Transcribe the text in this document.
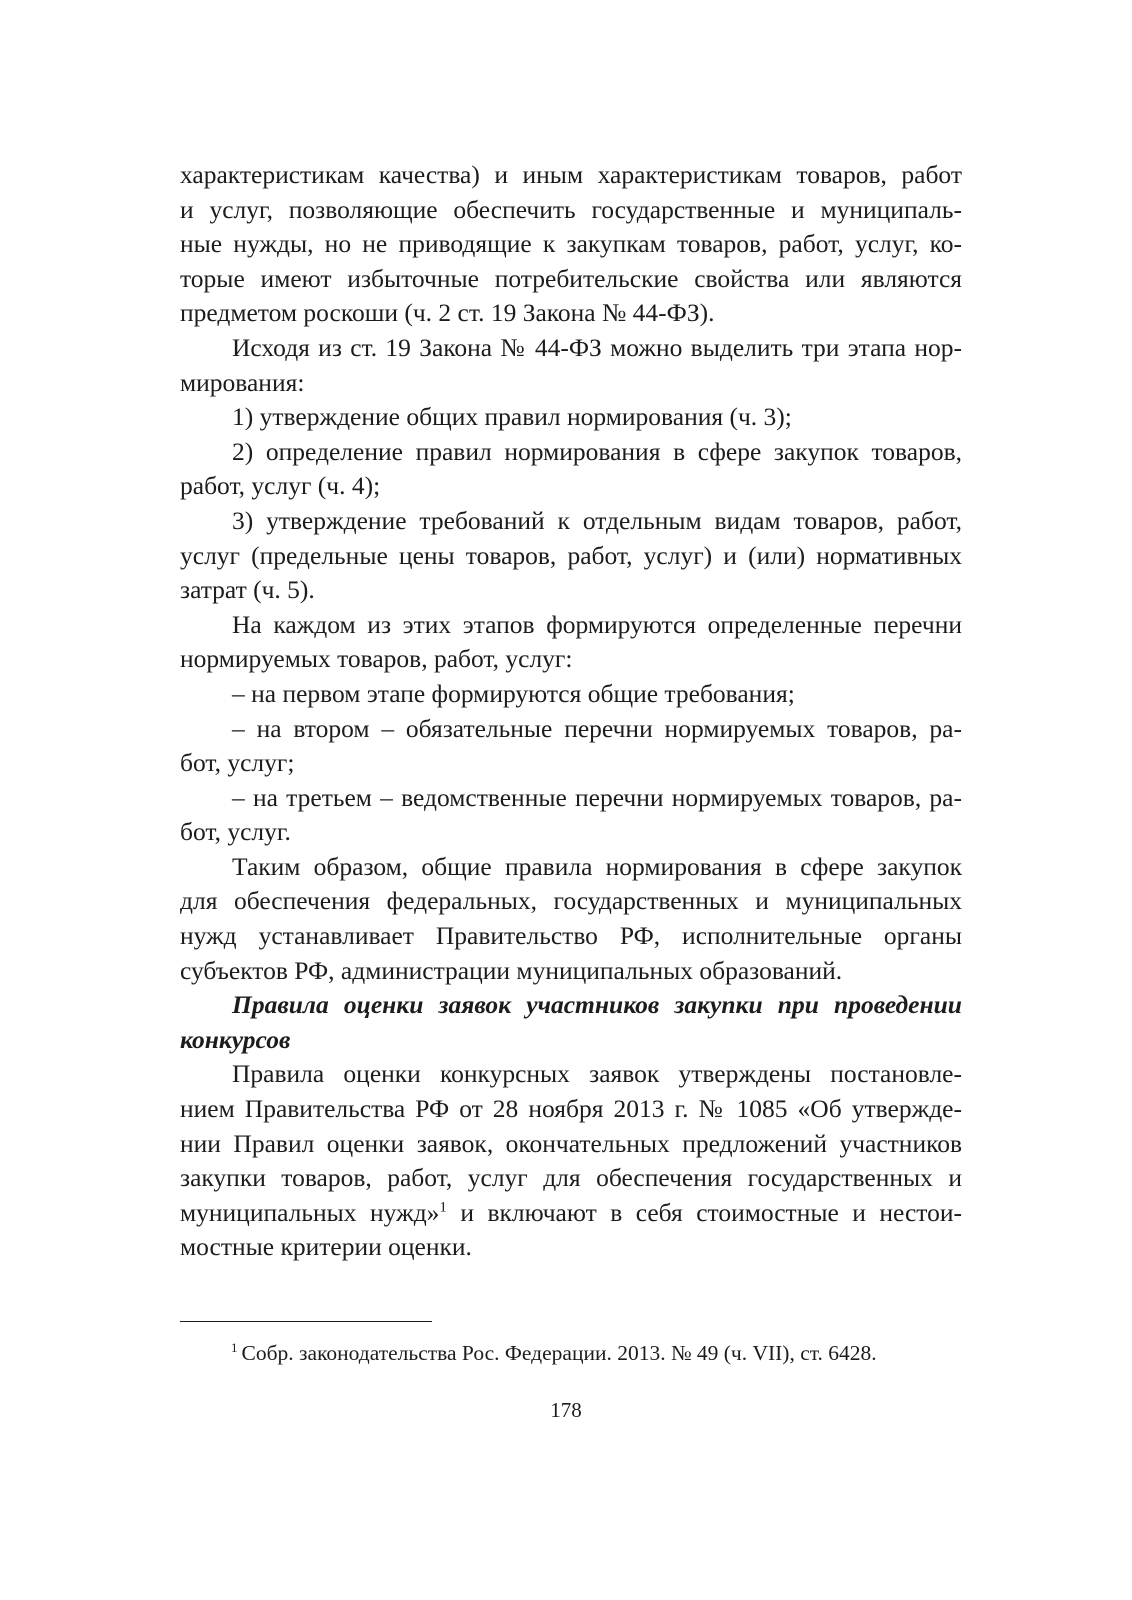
характеристикам качества) и иным характеристикам товаров, работ
и услуг, позволяющие обеспечить государственные и муниципаль-
ные нужды, но не приводящие к закупкам товаров, работ, услуг, ко-
торые имеют избыточные потребительские свойства или являются
предметом роскоши (ч. 2 ст. 19 Закона № 44-ФЗ).
Исходя из ст. 19 Закона № 44-ФЗ можно выделить три этапа нор-
мирования:
1) утверждение общих правил нормирования (ч. 3);
2) определение правил нормирования в сфере закупок товаров,
работ, услуг (ч. 4);
3) утверждение требований к отдельным видам товаров, работ,
услуг (предельные цены товаров, работ, услуг) и (или) нормативных
затрат (ч. 5).
На каждом из этих этапов формируются определенные перечни
нормируемых товаров, работ, услуг:
– на первом этапе формируются общие требования;
– на втором – обязательные перечни нормируемых товаров, ра-
бот, услуг;
– на третьем – ведомственные перечни нормируемых товаров, ра-
бот, услуг.
Таким образом, общие правила нормирования в сфере закупок
для обеспечения федеральных, государственных и муниципальных
нужд устанавливает Правительство РФ, исполнительные органы
субъектов РФ, администрации муниципальных образований.
Правила оценки заявок участников закупки при проведении
конкурсов
Правила оценки конкурсных заявок утверждены постановле-
нием Правительства РФ от 28 ноября 2013 г. № 1085 «Об утвержде-
нии Правил оценки заявок, окончательных предложений участников
закупки товаров, работ, услуг для обеспечения государственных и
муниципальных нужд»$^1$ и включают в себя стоимостные и нестои-
мостные критерии оценки.
$^1$ Собр. законодательства Рос. Федерации. 2013. № 49 (ч. VII), ст. 6428.
178
